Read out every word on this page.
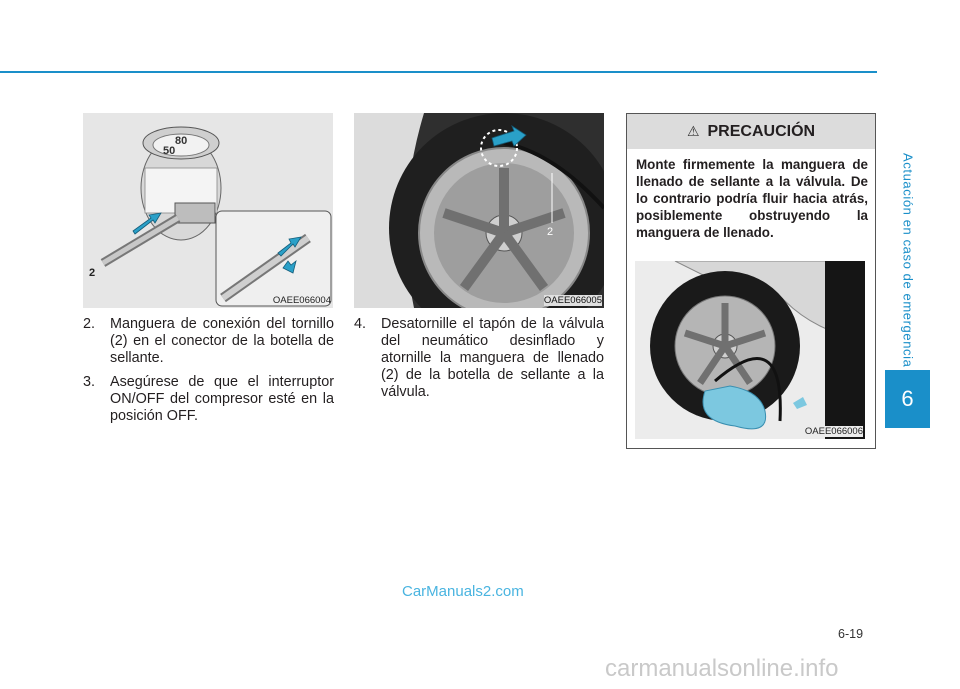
Actuación en caso de emergencia
6
80
50
2
OAEE066004
2
OAEE066005
2. Manguera de conexión del tornillo (2) en el conector de la botella de sellante.
3. Asegúrese de que el interruptor ON/OFF del compresor esté en la posición OFF.
4. Desatornille el tapón de la válvula del neumático desinflado y atornille la manguera de llenado (2) de la botella de sellante a la válvula.
⚠ PRECAUCIÓN

Monte firmemente la manguera de llenado de sellante a la válvula. De lo contrario podría fluir hacia atrás, posiblemente obstruyendo la manguera de llenado.

OAEE066006
6-19
CarManuals2.com
carmanualsonline.info
